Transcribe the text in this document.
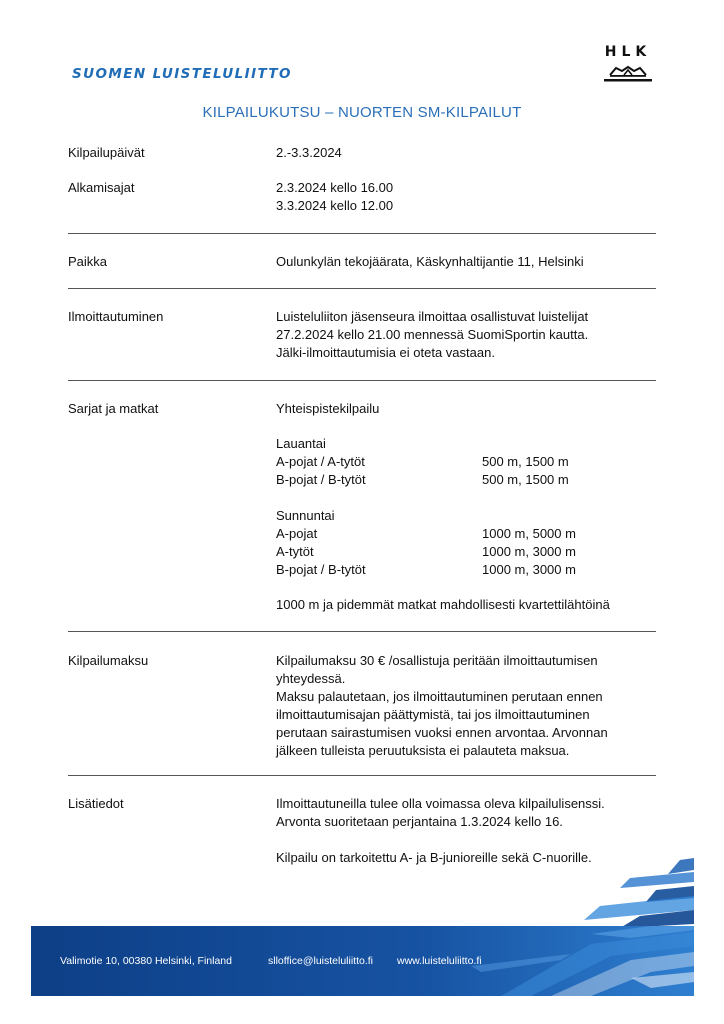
SUOMEN LUISTELULIITTO
HLK
KILPAILUKUTSU – NUORTEN SM-KILPAILUT
Kilpailupäivät	2.-3.3.2024
Alkamisajat	2.3.2024 kello 16.00
3.3.2024 kello 12.00
Paikka	Oulunkylän tekojäärata, Käskynhaltijantie 11, Helsinki
Ilmoittautuminen	Luisteluliiton jäsenseura ilmoittaa osallistuvat luistelijat
27.2.2024 kello 21.00 mennessä SuomiSportin kautta.
Jälki-ilmoittautumisia ei oteta vastaan.
Sarjat ja matkat	Yhteispistekilpailu
Lauantai
A-pojat / A-tytöt	500 m, 1500 m
B-pojat / B-tytöt	500 m, 1500 m
Sunnuntai
A-pojat	1000 m, 5000 m
A-tytöt	1000 m, 3000 m
B-pojat / B-tytöt	1000 m, 3000 m
1000 m ja pidemmät matkat mahdollisesti kvartettilähtöinä
Kilpailumaksu	Kilpailumaksu 30 € /osallistuja peritään ilmoittautumisen
yhteydessä.
Maksu palautetaan, jos ilmoittautuminen perutaan ennen
ilmoittautumisajan päättymistä, tai jos ilmoittautuminen
perutaan sairastumisen vuoksi ennen arvontaa. Arvonnan
jälkeen tulleista peruutuksista ei palauteta maksua.
Lisätiedot	Ilmoittautuneilla tulee olla voimassa oleva kilpailulisenssi.
Arvonta suoritetaan perjantaina 1.3.2024 kello 16.
Kilpailu on tarkoitettu A- ja B-junioreille sekä C-nuorille.
Valimotie 10, 00380 Helsinki, Finland	slloffice@luisteluliitto.fi www.luisteluliitto.fi
